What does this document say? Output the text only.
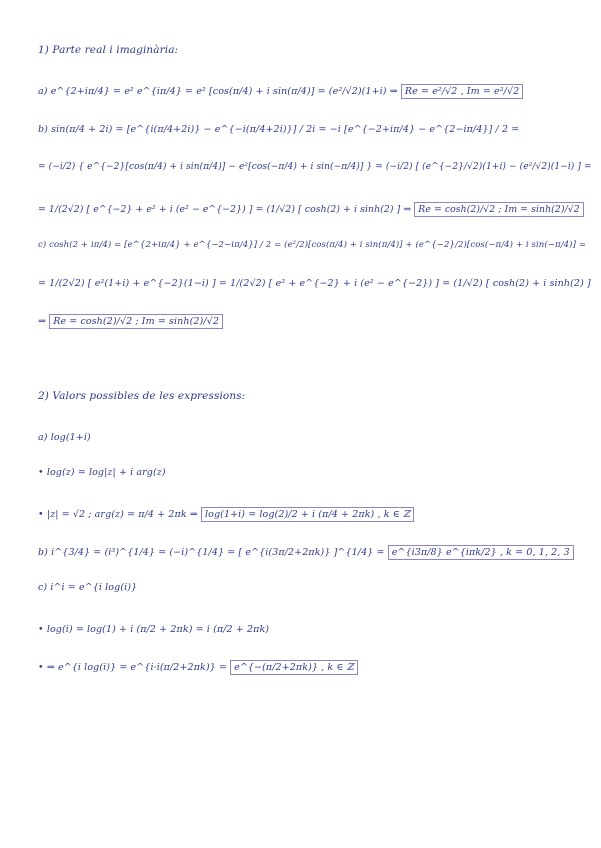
1) Parte real i imaginària:
a) e^{2+iπ/4} = e² e^{iπ/4} = e² [cos(π/4) + i sin(π/4)] = (e²/√2)(1+i) ⇒ Re = e²/√2 , Im = e²/√2
b) sin(π/4 + 2i) = [e^{i(π/4+2i)} − e^{−i(π/4+2i)}] / 2i = −i [e^{−2+iπ/4} − e^{2−iπ/4}] / 2 =
= (−i/2) { e^{−2}[cos(π/4) + i sin(π/4)] − e²[cos(−π/4) + i sin(−π/4)] } = (−i/2) [ (e^{−2}/√2)(1+i) − (e²/√2)(1−i) ] =
= 1/(2√2) [ e^{−2} + e² + i (e² − e^{−2}) ] = (1/√2) [ cosh(2) + i sinh(2) ] ⇒ Re = cosh(2)/√2 ; Im = sinh(2)/√2
c) cosh(2 + iπ/4) = [e^{2+iπ/4} + e^{−2−iπ/4}] / 2 = (e²/2)[cos(π/4) + i sin(π/4)] + (e^{−2}/2)[cos(−π/4) + i sin(−π/4)] =
= 1/(2√2) [ e²(1+i) + e^{−2}(1−i) ] = 1/(2√2) [ e² + e^{−2} + i (e² − e^{−2}) ] = (1/√2) [ cosh(2) + i sinh(2) ]
⇒ Re = cosh(2)/√2 ; Im = sinh(2)/√2
2) Valors possibles de les expressions:
a) log(1+i)
• log(z) = log|z| + i arg(z)
• |z| = √2 ; arg(z) = π/4 + 2πk ⇒ log(1+i) = log(2)/2 + i (π/4 + 2πk) , k ∈ ℤ
b) i^{3/4} = (i³)^{1/4} = (−i)^{1/4} = [ e^{i(3π/2+2πk)} ]^{1/4} = e^{i3π/8} e^{iπk/2} , k = 0, 1, 2, 3
c) i^i = e^{i log(i)}
• log(i) = log(1) + i (π/2 + 2πk) = i (π/2 + 2πk)
• ⇒ e^{i log(i)} = e^{i·i(π/2+2πk)} = e^{−(π/2+2πk)} , k ∈ ℤ
